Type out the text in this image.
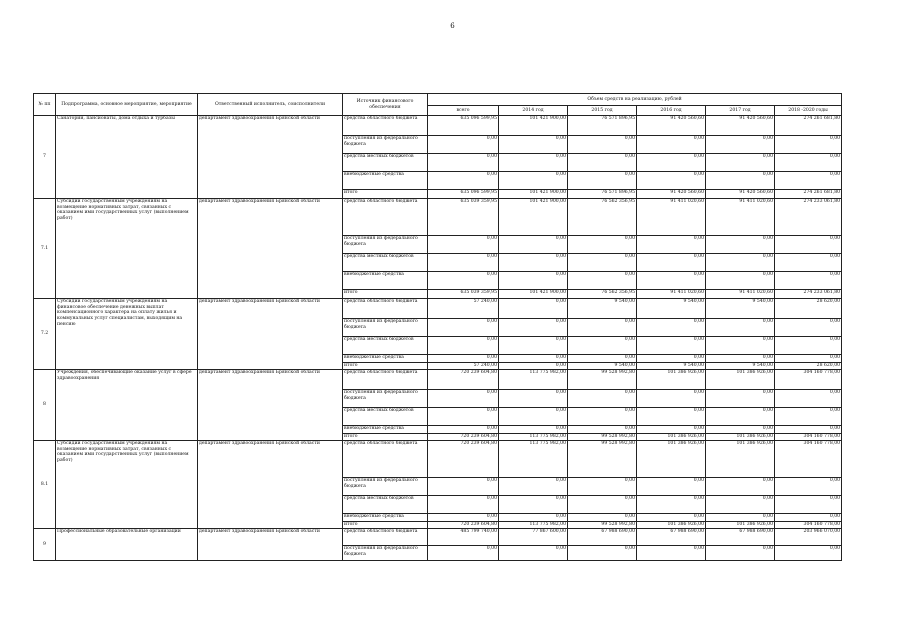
6
№ пп	Подпрограмма, основное мероприятие, мероприятие	Ответственный исполнитель, соисполнители	Источник финансового обеспечения	Объем средств на реализацию, рублей					
				всего	2014 год	2015 год	2016 год	2017 год	2018 -2020 годы
7	Санатории, пансионаты, дома отдыха и турбазы	департамент здравоохранения Брянской области	средства областного бюджета	635 096 599,95	101 421 900,00	76 571 896,95	91 420 560,60	91 420 560,60	274 261 681,80
			поступления из федерального бюджета	0,00	0,00	0,00	0,00	0,00	0,00
			средства местных бюджетов	0,00	0,00	0,00	0,00	0,00	0,00
			внебюджетные средства	0,00	0,00	0,00	0,00	0,00	0,00
			итого	635 096 599,95	101 421 900,00	76 571 896,95	91 420 560,60	91 420 560,60	274 261 681,80
7.1	Субсидии государственным учреждениям на возмещение нормативных затрат, связанных с оказанием ими государственных услуг (выполнением работ)	департамент здравоохранения Брянской области	средства областного бюджета	635 039 359,95	101 421 900,00	76 562 356,95	91 411 020,60	91 411 020,60	274 233 061,80
			поступления из федерального бюджета	0,00	0,00	0,00	0,00	0,00	0,00
			средства местных бюджетов	0,00	0,00	0,00	0,00	0,00	0,00
			внебюджетные средства	0,00	0,00	0,00	0,00	0,00	0,00
			итого	635 039 359,95	101 421 900,00	76 562 356,95	91 411 020,60	91 411 020,60	274 233 061,80
7.2	Субсидии государственным учреждениям на финансовое обеспечение денежных выплат компенсационного характера на оплату жилья и коммунальных услуг специалистам, выходящим на пенсию	департамент здравоохранения Брянской области	средства областного бюджета	57 240,00	0,00	9 540,00	9 540,00	9 540,00	28 620,00
			поступления из федерального бюджета	0,00	0,00	0,00	0,00	0,00	0,00
			средства местных бюджетов	0,00	0,00	0,00	0,00	0,00	0,00
			внебюджетные средства	0,00	0,00	0,00	0,00	0,00	0,00
			итого	57 240,00	0,00	9 540,00	9 540,00	9 540,00	28 620,00
8	Учреждения, обеспечивающие оказание услуг в сфере здравоохранения	департамент здравоохранения Брянской области	средства областного бюджета	720 239 604,80	113 775 982,00	99 528 992,80	101 386 926,00	101 386 926,00	304 160 778,00
			поступления из федерального бюджета	0,00	0,00	0,00	0,00	0,00	0,00
			средства местных бюджетов	0,00	0,00	0,00	0,00	0,00	0,00
			внебюджетные средства	0,00	0,00	0,00	0,00	0,00	0,00
			итого	720 239 604,80	113 775 982,00	99 528 992,80	101 386 926,00	101 386 926,00	304 160 778,00
8.1	Субсидии государственным учреждениям на возмещение нормативных затрат, связанных с оказанием ими государственных услуг (выполнением работ)	департамент здравоохранения Брянской области	средства областного бюджета	720 239 604,80	113 775 982,00	99 528 992,80	101 386 926,00	101 386 926,00	304 160 778,00
			поступления из федерального бюджета	0,00	0,00	0,00	0,00	0,00	0,00
			средства местных бюджетов	0,00	0,00	0,00	0,00	0,00	0,00
			внебюджетные средства	0,00	0,00	0,00	0,00	0,00	0,00
			итого	720 239 604,80	113 775 982,00	99 528 992,80	101 386 926,00	101 386 926,00	304 160 778,00
9	Профессиональные образовательные организации	департамент здравоохранения Брянской области	средства областного бюджета	485 799 740,00	77 867 600,00	67 988 690,00	67 988 690,00	67 988 690,00	203 966 070,00
			поступления из федерального бюджета	0,00	0,00	0,00	0,00	0,00	0,00
